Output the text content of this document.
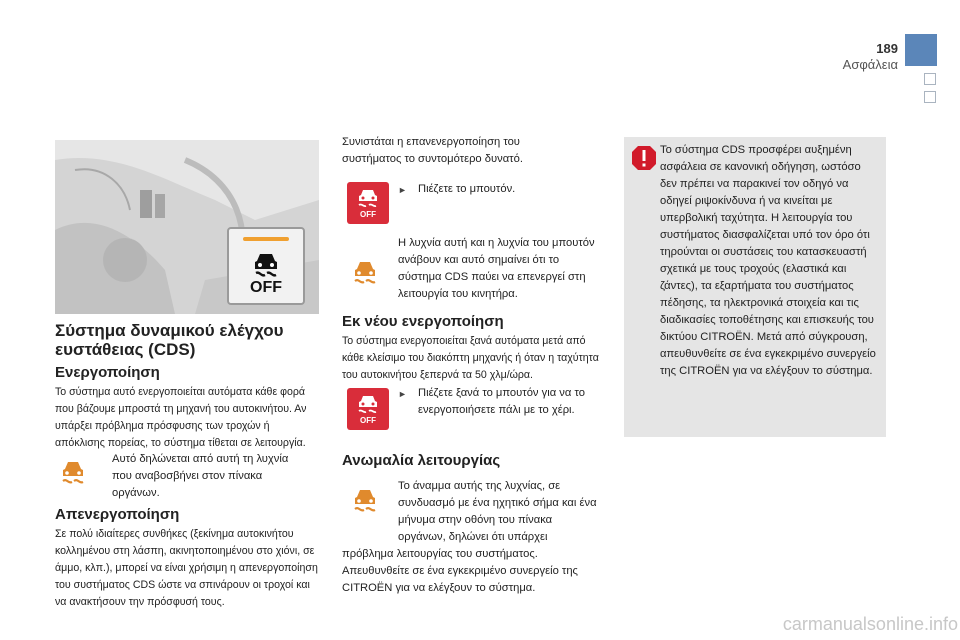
189
Ασφάλεια
OFF
Σύστημα δυναμικού ελέγχου ευστάθειας (CDS)
Ενεργοποίηση
Το σύστημα αυτό ενεργοποιείται αυτόματα κάθε φορά που βάζουμε μπροστά τη μηχανή του αυτοκινήτου. Αν υπάρξει πρόβλημα πρόσφυσης των τροχών ή απόκλισης πορείας, το σύστημα τίθεται σε λειτουργία.
Αυτό δηλώνεται από αυτή τη λυχνία που αναβοσβήνει στον πίνακα οργάνων.
Απενεργοποίηση
Σε πολύ ιδιαίτερες συνθήκες (ξεκίνημα αυτοκινήτου κολλημένου στη λάσπη, ακινητοποιημένου στο χιόνι, σε άμμο, κλπ.), μπορεί να είναι χρήσιμη η απενεργοποίηση του συστήματος CDS ώστε να σπινάρουν οι τροχοί και να ανακτήσουν την πρόσφυσή τους.
Συνιστάται η επανενεργοποίηση του συστήματος το συντομότερο δυνατό.
OFF
► Πιέζετε το μπουτόν.
Η λυχνία αυτή και η λυχνία του μπουτόν ανάβουν και αυτό σημαίνει ότι το σύστημα CDS παύει να επενεργεί στη λειτουργία του κινητήρα.
Εκ νέου ενεργοποίηση
Το σύστημα ενεργοποιείται ξανά αυτόματα μετά από κάθε κλείσιμο του διακόπτη μηχανής ή όταν η ταχύτητα του αυτοκινήτου ξεπερνά τα 50 χλμ/ώρα.
OFF
► Πιέζετε ξανά το μπουτόν για να το ενεργοποιήσετε πάλι με το χέρι.
Ανωμαλία λειτουργίας
Το άναμμα αυτής της λυχνίας, σε συνδυασμό με ένα ηχητικό σήμα και ένα μήνυμα στην οθόνη του πίνακα οργάνων, δηλώνει ότι υπάρχει
πρόβλημα λειτουργίας του συστήματος. Απευθυνθείτε σε ένα εγκεκριμένο συνεργείο της CITROËN για να ελέγξουν το σύστημα.
Το σύστημα CDS προσφέρει αυξημένη ασφάλεια σε κανονική οδήγηση, ωστόσο δεν πρέπει να παρακινεί τον οδηγό να οδηγεί ριψοκίνδυνα ή να κινείται με υπερβολική ταχύτητα. Η λειτουργία του συστήματος διασφαλίζεται υπό τον όρο ότι τηρούνται οι συστάσεις του κατασκευαστή σχετικά με τους τροχούς (ελαστικά και ζάντες), τα εξαρτήματα του συστήματος πέδησης, τα ηλεκτρονικά στοιχεία και τις διαδικασίες τοποθέτησης και επισκευής του δικτύου CITROËN. Μετά από σύγκρουση, απευθυνθείτε σε ένα εγκεκριμένο συνεργείο της CITROËN για να ελέγξουν το σύστημα.
carmanualsonline.info
